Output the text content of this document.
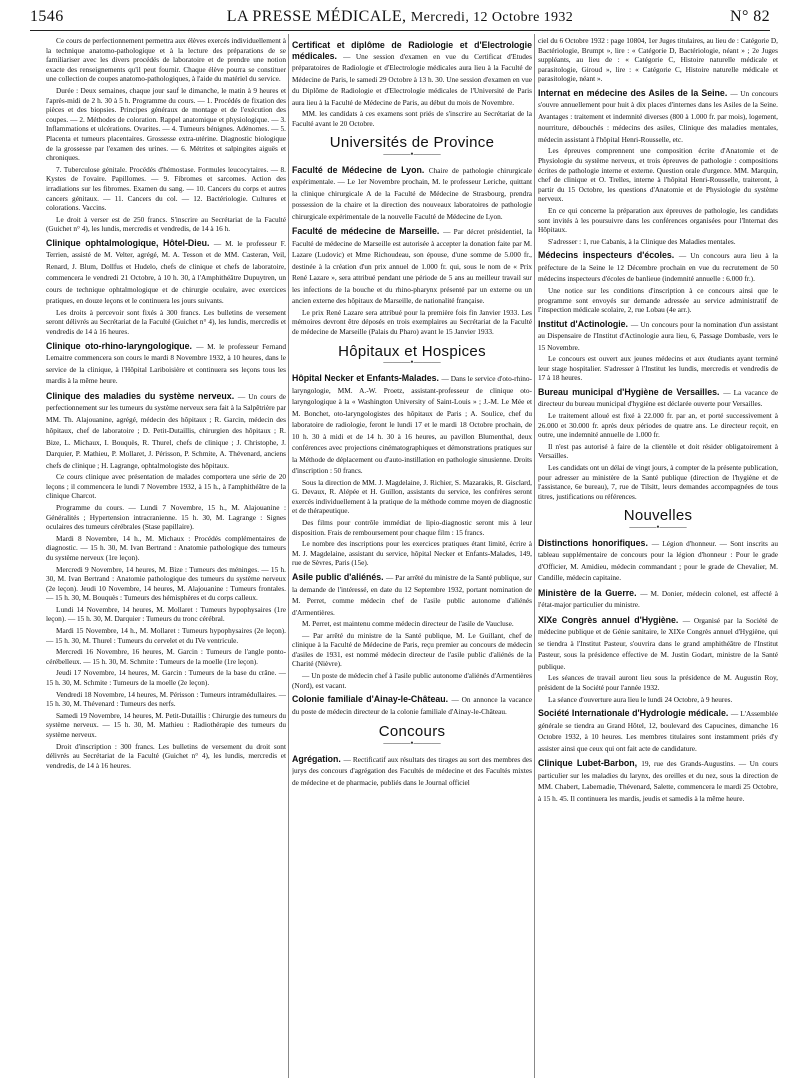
1546	LA PRESSE MÉDICALE, Mercredi, 12 Octobre 1932	N° 82

Ce cours de perfectionnement permettra aux élèves exercés individuellement à la technique anatomo-pathologique et à la lecture des préparations de se familiariser avec les divers procédés de laboratoire et de prendre une notion exacte des renseignements qu'il peut fournir. Chaque élève pourra se constituer une collection de coupes anatomo-pathologiques, à l'aide du matériel du service.

Durée : Deux semaines, chaque jour sauf le dimanche, le matin à 9 heures et l'après-midi de 2 h. 30 à 5 h. Programme du cours. — 1. Procédés de fixation des pièces et des biopsies. Principes généraux de montage et de l'exécution des coupes. — 2. Méthodes de coloration. Rappel anatomique et physiologique. — 3. Inflammations et ulcérations. Ovarites. — 4. Tumeurs bénignes. Adénomes. — 5. Placenta et tumeurs placentaires. Grossesse extra-utérine. Diagnostic biologique de la grossesse par l'examen des urines. — 6. Métrites et salpingites aiguës et chroniques.

7. Tuberculose génitale. Procédés d'hémostase. Formules leucocytaires. — 8. Kystes de l'ovaire. Papillomes. — 9. Fibromes et sarcomes. Action des irradiations sur les fibromes. Examen du sang. — 10. Cancers du corps et autres cancers génitaux. — 11. Cancers du col. — 12. Bactériologie. Cultures et colorations. Vaccins.

Le droit à verser est de 250 francs. S'inscrire au Secrétariat de la Faculté (Guichet n° 4), les lundis, mercredis et vendredis, de 14 à 16 h.

Clinique ophtalmologique, Hôtel-Dieu. — M. le professeur F. Terrien, assisté de M. Velter, agrégé, M. A. Tesson et de MM. Casteran, Veil, Renard, J. Blum, Dollfus et Hudelo, chefs de clinique et chefs de laboratoire, commencera le vendredi 21 Octobre, à 10 h. 30, à l'Amphithéâtre Dupuytren, un cours de technique ophtalmologique et de chirurgie oculaire, avec exercices pratiques, en douze leçons et le continuera les jours suivants.

Les droits à percevoir sont fixés à 300 francs. Les bulletins de versement seront délivrés au Secrétariat de la Faculté (Guichet n° 4), les lundis, mercredis et vendredis de 14 à 16 heures.

Clinique oto-rhino-laryngologique. — M. le professeur Fernand Lemaitre commencera son cours le mardi 8 Novembre 1932, à 10 heures, dans le service de la clinique, à l'Hôpital Lariboisière et continuera ses leçons tous les mardis à la même heure.
Clinique des maladies du système nerveux. — Un cours de perfectionnement sur les tumeurs du système nerveux sera fait à la Salpêtrière par MM. Th. Alajouanine, agrégé, médecin des hôpitaux ; R. Garcin, médecin des hôpitaux, chef de laboratoire ; D. Petit-Dutaillis, chirurgien des hôpitaux ; R. Bize, L. Michaux, I. Bouquès, R. Thurel, chefs de clinique ; J. Christophe, J. Darquier, P. Mathieu, P. Mollaret, J. Périsson, P. Schmite, A. Thévenard, anciens chefs de clinique ; H. Lagrange, ophtalmologiste des hôpitaux.

Ce cours clinique avec présentation de malades comportera une série de 20 leçons ; il commencera le lundi 7 Novembre 1932, à 15 h., à l'amphithéâtre de la clinique Charcot.

Programme du cours. — Lundi 7 Novembre, 15 h., M. Alajouanine : Généralités ; Hypertension intracranienne. 15 h. 30, M. Lagrange : Signes oculaires des tumeurs cérébrales (Stase papillaire).

Mardi 8 Novembre, 14 h., M. Michaux : Procédés complémentaires de diagnostic. — 15 h. 30, M. Ivan Bertrand : Anatomie pathologique des tumeurs du système nerveux (1re leçon).

Mercredi 9 Novembre, 14 heures, M. Bize : Tumeurs des méninges. — 15 h. 30, M. Ivan Bertrand : Anatomie pathologique des tumeurs du système nerveux (2e leçon). Jeudi 10 Novembre, 14 heures, M. Alajouanine : Tumeurs frontales. — 15 h. 30, M. Bouquès : Tumeurs des hémisphères et du corps calleux.

Lundi 14 Novembre, 14 heures, M. Mollaret : Tumeurs hypophysaires (1re leçon). — 15 h. 30, M. Darquier : Tumeurs du tronc cérébral.

Mardi 15 Novembre, 14 h., M. Mollaret : Tumeurs hypophysaires (2e leçon). — 15 h. 30, M. Thurel : Tumeurs du cervelet et du IVe ventricule.

Mercredi 16 Novembre, 16 heures, M. Garcin : Tumeurs de l'angle ponto-cérébelleux. — 15 h. 30, M. Schmite : Tumeurs de la moelle (1re leçon).

Jeudi 17 Novembre, 14 heures, M. Garcin : Tumeurs de la base du crâne. — 15 h. 30, M. Schmite : Tumeurs de la moelle (2e leçon).

Vendredi 18 Novembre, 14 heures, M. Périsson : Tumeurs intramédullaires. — 15 h. 30, M. Thévenard : Tumeurs des nerfs.

Samedi 19 Novembre, 14 heures, M. Petit-Dutaillis : Chirurgie des tumeurs du système nerveux. — 15 h. 30, M. Mathieu : Radiothérapie des tumeurs du système nerveux.

Droit d'inscription : 300 francs. Les bulletins de versement du droit sont délivrés au Secrétariat de la Faculté (Guichet n° 4), les lundis, mercredis et vendredis, de 14 à 16 heures.

Certificat et diplôme de Radiologie et d'Electrologie médicales. — Une session d'examen en vue du Certificat d'Etudes préparatoires de Radiologie et d'Electrologie médicales aura lieu à la Faculté de Médecine de Paris, le samedi 29 Octobre à 13 h. 30. Une session d'examen en vue du Diplôme de Radiologie et d'Electrologie médicales de l'Université de Paris aura lieu à la Faculté de Médecine de Paris, au début du mois de Novembre.

MM. les candidats à ces examens sont priés de s'inscrire au Secrétariat de la Faculté avant le 20 Octobre.

Universités de Province
———•———
Faculté de Médecine de Lyon. Chaire de pathologie chirurgicale expérimentale. — Le 1er Novembre prochain, M. le professeur Leriche, quittant la clinique chirurgicale A de la Faculté de Médecine de Strasbourg, prendra possession de la chaire et la direction des nouveaux laboratoires de pathologie chirurgicale expérimentale de la nouvelle Faculté de Médecine de Lyon.
Faculté de médecine de Marseille. — Par décret présidentiel, la Faculté de médecine de Marseille est autorisée à accepter la donation faite par M. Lazare (Ludovic) et Mme Richoudeau, son épouse, d'une somme de 5.000 fr., destinée à la création d'un prix annuel de 1.000 fr. qui, sous le nom de « Prix René Lazare », sera attribué pendant une période de 5 ans au meilleur travail sur les infections de la bouche et du rhino-pharynx présenté par un externe ou un ancien externe des hôpitaux de Marseille, de nationalité française.

Le prix René Lazare sera attribué pour la première fois fin Janvier 1933. Les mémoires devront être déposés en trois exemplaires au Secrétariat de la Faculté de médecine de Marseille (Palais du Pharo) avant le 15 Janvier 1933.

Hôpitaux et Hospices
———•———
Hôpital Necker et Enfants-Malades. — Dans le service d'oto-rhino-laryngologie, MM. A.-W. Proetz, assistant-professeur de clinique oto-laryngologique à la « Washington University of Saint-Louis » ; J.-M. Le Mée et M. Bonchet, oto-laryngologistes des hôpitaux de Paris ; A. Soulice, chef du laboratoire de radiologie, feront le lundi 17 et le mardi 18 Octobre prochain, de 10 h. 30 à midi et de 14 h. 30 à 16 heures, au pavillon Blumenthal, deux conférences avec projections cinématographiques et démonstrations pratiques sur la Méthode de déplacement ou d'auto-instillation en pathologie sinusienne. Droits d'inscription : 50 francs.

Sous la direction de MM. J. Magdelaine, J. Richier, S. Mazarakis, R. Gisclard, G. Devaux, R. Alépée et H. Guillon, assistants du service, les confrères seront exercés individuellement à la pratique de la méthode comme moyen de diagnostic et de thérapeutique.

Des films pour contrôle immédiat de lipio-diagnostic seront mis à leur disposition. Frais de remboursement pour chaque film : 15 francs.

Le nombre des inscriptions pour les exercices pratiques étant limité, écrire à M. J. Magdelaine, assistant du service, hôpital Necker et Enfants-Malades, 149, rue de Sèvres, Paris (15e).

Asile public d'aliénés. — Par arrêté du ministre de la Santé publique, sur la demande de l'intéressé, en date du 12 Septembre 1932, portant nomination de M. Perret, comme médecin chef de l'asile public autonome d'aliénés d'Armentières.

M. Perret, est maintenu comme médecin directeur de l'asile de Vaucluse.

— Par arrêté du ministre de la Santé publique, M. Le Guillant, chef de clinique à la Faculté de Médecine de Paris, reçu premier au concours de médecin d'asiles de 1931, est nommé médecin directeur de l'asile public d'aliénés de la Charité (Nièvre).

— Un poste de médecin chef à l'asile public autonome d'aliénés d'Armentières (Nord), est vacant.

Colonie familiale d'Ainay-le-Château. — On annonce la vacance du poste de médecin directeur de la colonie familiale d'Ainay-le-Château.
Concours
———•———
Agrégation. — Rectificatif aux résultats des tirages au sort des membres des jurys des concours d'agrégation des Facultés de médecine et des Facultés mixtes de médecine et de pharmacie, publiés dans le Journal officiel

ciel du 6 Octobre 1932 : page 10804, 1er Juges titulaires, au lieu de : Catégorie D, Bactériologie, Brumpt », lire : « Catégorie D, Bactériologie, néant » ; 2e Juges suppléants, au lieu de : « Catégorie C, Histoire naturelle médicale et parasitologie, Giroud », lire : « Catégorie C, Histoire naturelle médicale et parasitologie, néant ».

Internat en médecine des Asiles de la Seine. — Un concours s'ouvre annuellement pour huit à dix places d'internes dans les Asiles de la Seine. Avantages : traitement et indemnité diverses (800 à 1.000 fr. par mois), logement, nourriture, débouchés : médecins des asiles, Clinique des maladies mentales, médecin assistant à l'hôpital Henri-Rousselle, etc.

Les épreuves comprennent une composition écrite d'Anatomie et de Physiologie du système nerveux, et trois épreuves de pathologie : compositions écrites de pathologie interne et externe. Question orale d'urgence. MM. Marquin, chef de clinique et O. Trelles, interne à l'hôpital Henri-Rousselle, traiteront, à partir du 15 Octobre, les questions d'Anatomie et de Physiologie du système nerveux.

En ce qui concerne la préparation aux épreuves de pathologie, les candidats sont invités à les poursuivre dans les conférences organisées pour l'Internat des Hôpitaux.

S'adresser : 1, rue Cabanis, à la Clinique des Maladies mentales.

Médecins inspecteurs d'écoles. — Un concours aura lieu à la préfecture de la Seine le 12 Décembre prochain en vue du recrutement de 50 médecins inspecteurs d'écoles de banlieue (indemnité annuelle : 6.000 fr.).

Une notice sur les conditions d'inscription à ce concours ainsi que le programme sont envoyés sur demande adressée au service administratif de l'inspection médicale scolaire, 2, rue Lobau (4e arr.).

Institut d'Actinologie. — Un concours pour la nomination d'un assistant au Dispensaire de l'Institut d'Actinologie aura lieu, 6, Passage Dombasle, vers le 15 Novembre.

Le concours est ouvert aux jeunes médecins et aux étudiants ayant terminé leur stage hospitalier. S'adresser à l'Institut les lundis, mercredis et vendredis de 17 à 18 heures.

Bureau municipal d'Hygiène de Versailles. — La vacance de directeur du bureau municipal d'hygiène est déclarée ouverte pour Versailles.

Le traitement alloué est fixé à 22.000 fr. par an, et porté successivement à 26.000 et 30.000 fr. après deux périodes de quatre ans. Le directeur reçoit, en outre, une indemnité annuelle de 1.000 fr.

Il n'est pas autorisé à faire de la clientèle et doit résider obligatoirement à Versailles.

Les candidats ont un délai de vingt jours, à compter de la présente publication, pour adresser au ministère de la Santé publique (direction de l'hygiène et de l'assistance, 6e bureau), 7, rue de Tilsitt, leurs demandes accompagnées de tous titres, justifications ou références.

Nouvelles
———•———
Distinctions honorifiques. — Légion d'honneur. — Sont inscrits au tableau supplémentaire de concours pour la légion d'honneur : Pour le grade d'Officier, M. Amidieu, médecin commandant ; pour le grade de Chevalier, M. Candille, médecin capitaine.
Ministère de la Guerre. — M. Donier, médecin colonel, est affecté à l'état-major particulier du ministre.
XIXe Congrès annuel d'Hygiène. — Organisé par la Société de médecine publique et de Génie sanitaire, le XIXe Congrès annuel d'Hygiène, qui se tiendra à l'Institut Pasteur, s'ouvrira dans le grand amphithéâtre de l'Institut Pasteur, sous la présidence effective de M. Justin Godart, ministre de la Santé publique.

Les séances de travail auront lieu sous la présidence de M. Augustin Roy, président de la Société pour l'année 1932.

La séance d'ouverture aura lieu le lundi 24 Octobre, à 9 heures.

Société Internationale d'Hydrologie médicale. — L'Assemblée générale se tiendra au Grand Hôtel, 12, boulevard des Capucines, dimanche 16 Octobre 1932, à 10 heures. Les membres titulaires sont instamment priés d'y assister ainsi que ceux qui ont fait acte de candidature.
Clinique Lubet-Barbon, 19, rue des Grands-Augustins. — Un cours particulier sur les maladies du larynx, des oreilles et du nez, sous la direction de MM. Chabert, Labernadie, Thévenard, Salette, commencera le mardi 25 Octobre, à 15 h. 45. Il continuera les mardis, jeudis et samedis à la même heure.
